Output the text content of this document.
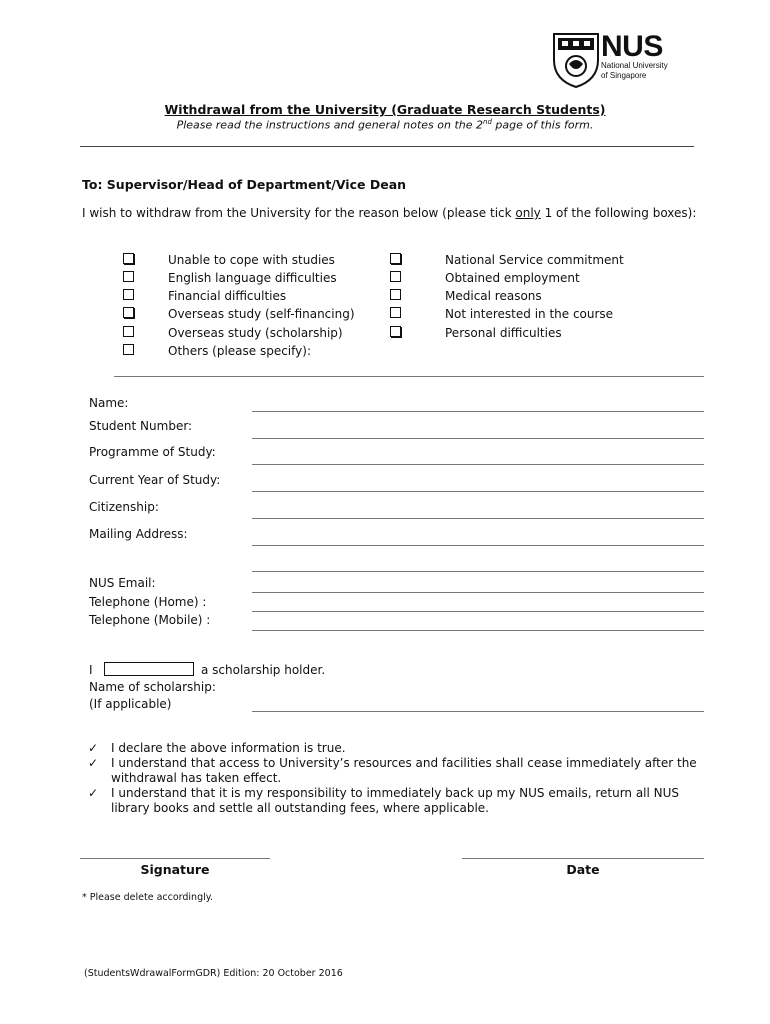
NUS
National University
of Singapore
Withdrawal from the University (Graduate Research Students)
Please read the instructions and general notes on the 2nd page of this form.
To: Supervisor/Head of Department/Vice Dean
I wish to withdraw from the University for the reason below (please tick only 1 of the following boxes):
Unable to cope with studies
English language difficulties
Financial difficulties
Overseas study (self-financing)
Overseas study (scholarship)
Others (please specify):
National Service commitment
Obtained employment
Medical reasons
Not interested in the course
Personal difficulties
Name:
Student Number:
Programme of Study:
Current Year of Study:
Citizenship:
Mailing Address:
NUS Email:
Telephone (Home) :
Telephone (Mobile) :
I	a scholarship holder.
Name of scholarship:
(If applicable)
✓ I declare the above information is true.
✓ I understand that access to University’s resources and facilities shall cease immediately after the withdrawal has taken effect.
✓ I understand that it is my responsibility to immediately back up my NUS emails, return all NUS library books and settle all outstanding fees, where applicable.
Signature	Date
* Please delete accordingly.
(StudentsWdrawalFormGDR) Edition: 20 October 2016
